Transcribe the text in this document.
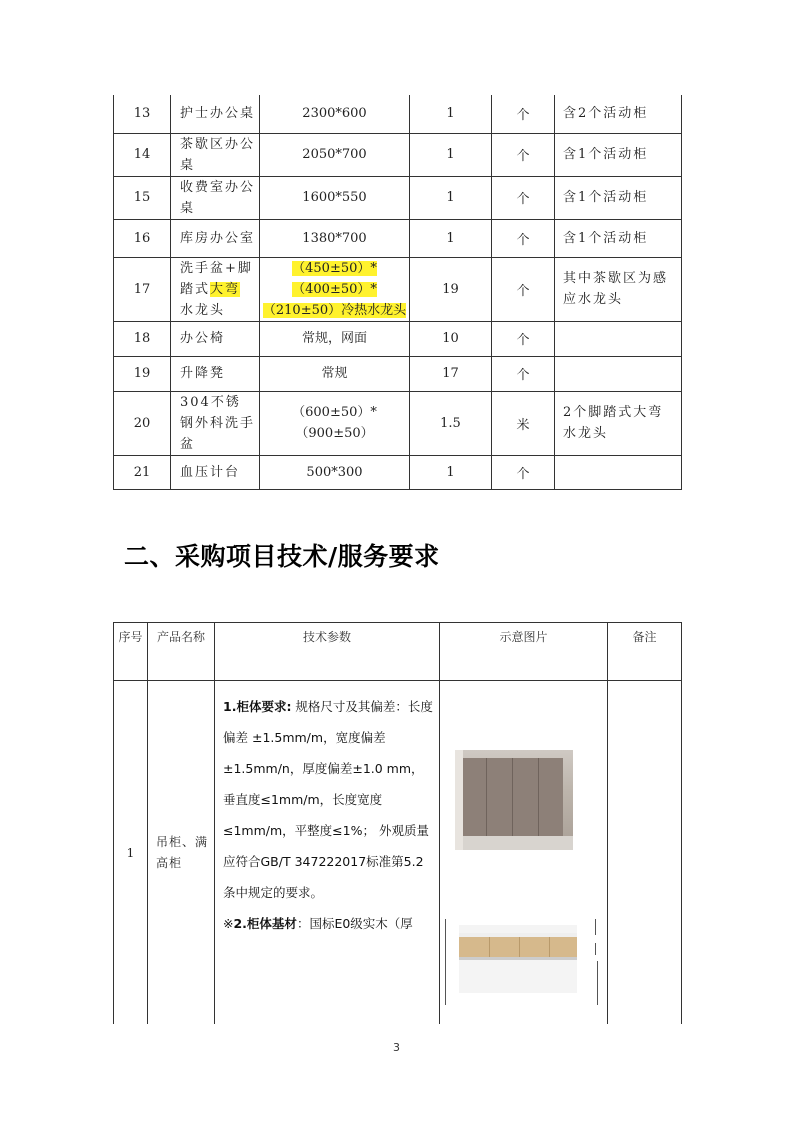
13	护士办公桌	2300*600	1	个	含2个活动柜
14	茶歇区办公桌	2050*700	1	个	含1个活动柜
15	收费室办公桌	1600*550	1	个	含1个活动柜
16	库房办公室	1380*700	1	个	含1个活动柜
17	洗手盆+脚踏式大弯水龙头	（450±50）*（400±50）*（210±50）冷热水龙头	19	个	其中茶歇区为感应水龙头
18	办公椅	常规，网面	10	个	
19	升降凳	常规	17	个	
20	304不锈钢外科洗手盆	（600±50）*（900±50）	1.5	米	2个脚踏式大弯水龙头
21	血压计台	500*300	1	个	
二、采购项目技术/服务要求
序号	产品名称	技术参数	示意图片	备注
1	吊柜、满高柜	1.柜体要求: 规格尺寸及其偏差：长度偏差 ±1.5mm/m，宽度偏差±1.5mm/n，厚度偏差±1.0 mm，垂直度≤1mm/m，长度宽度≤1mm/m，平整度≤1%； 外观质量应符合GB/T 347222017标准第5.2条中规定的要求。
※2.柜体基材：国标E0级实木（厚	

3
